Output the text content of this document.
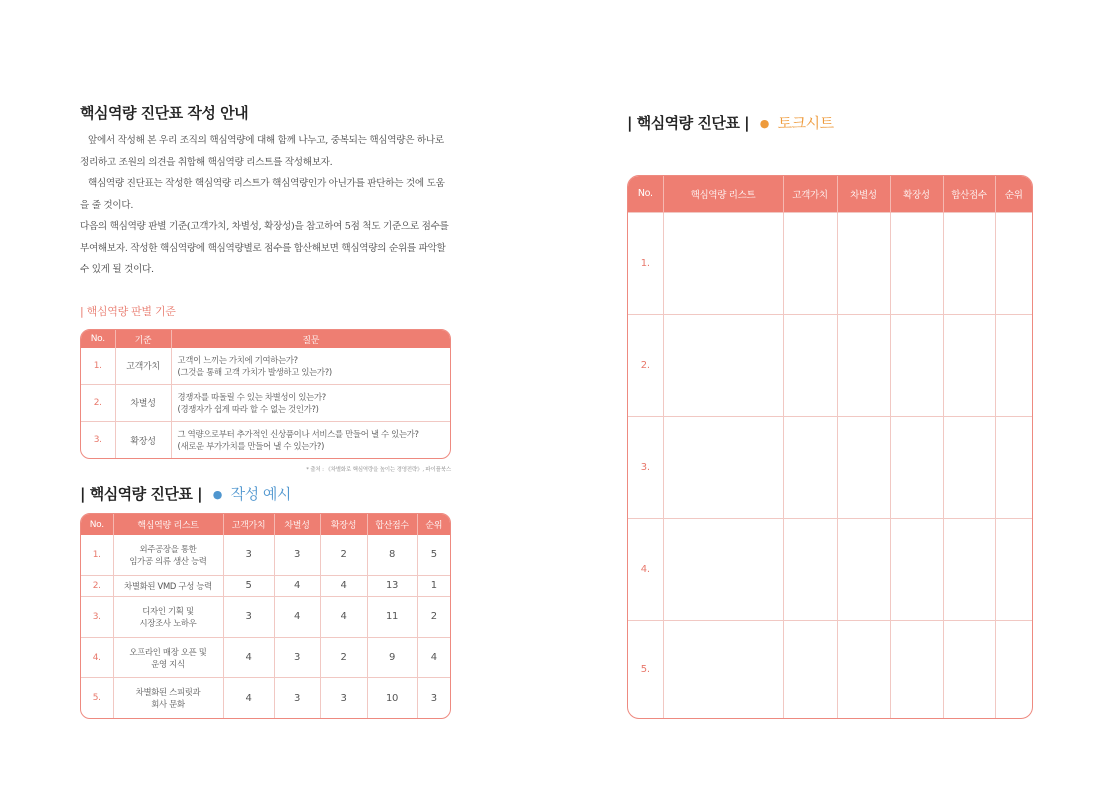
핵심역량 진단표 작성 안내

앞에서 작성해 본 우리 조직의 핵심역량에 대해 함께 나누고, 중복되는 핵심역량은 하나로 정리하고 조원의 의견을 취합해 핵심역량 리스트를 작성해보자.

핵심역량 진단표는 작성한 핵심역량 리스트가 핵심역량인가 아닌가를 판단하는 것에 도움을 줄 것이다.

다음의 핵심역량 판별 기준(고객가치, 차별성, 확장성)을 참고하여 5점 척도 기준으로 점수를 부여해보자. 작성한 핵심역량에 핵심역량별로 점수를 합산해보면 핵심역량의 순위를 파악할 수 있게 될 것이다.

| 핵심역량 판별 기준
No.	기준	질문
1.	고객가치	고객이 느끼는 가치에 기여하는가?
(그것을 통해 고객 가치가 발생하고 있는가?)

2.	차별성	경쟁자를 따돌릴 수 있는 차별성이 있는가?
(경쟁자가 쉽게 따라 할 수 없는 것인가?)

3.	확장성	그 역량으로부터 추가적인 신상품이나 서비스를 만들어 낼 수 있는가?
(새로운 부가가치를 만들어 낼 수 있는가?)
* 출처 : 《차별화로 핵심역량을 높이는 경영전략》, 파이플북스
| 핵심역량 진단표 | ● 작성 예시
No.	핵심역량 리스트	고객가치	차별성	확장성	합산점수	순위
1.	외주공장을 통한
임가공 의류 생산 능력	3	3	2	8	5
2.	차별화된 VMD 구성 능력	5	4	4	13	1
3.	디자인 기획 및
시장조사 노하우	3	4	4	11	2
4.	오프라인 매장 오픈 및
운영 지식	4	3	2	9	4
5.	차별화된 스피릿과
회사 문화	4	3	3	10	3
| 핵심역량 진단표 | ● 토크시트
No.	핵심역량 리스트	고객가치	차별성	확장성	합산점수	순위
1.						
2.						
3.						
4.						
5.						
